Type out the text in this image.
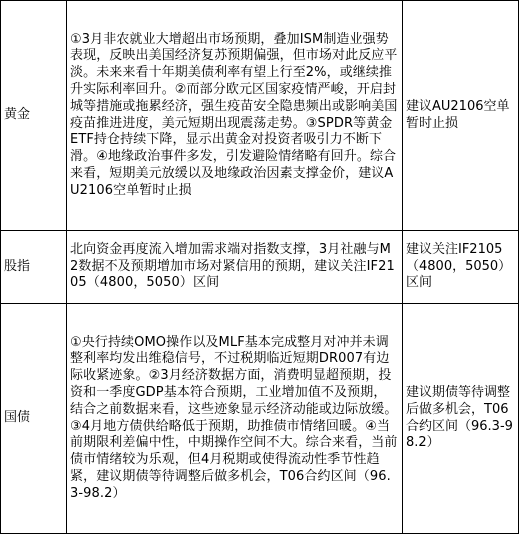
黄金	①3月非农就业大增超出市场预期，叠加ISM制造业强势表现，反映出美国经济复苏预期偏强，但市场对此反应平淡。未来来看十年期美债利率有望上行至2%，或继续推升实际利率回升。②而部分欧元区国家疫情严峻，开启封城等措施或拖累经济，强生疫苗安全隐患频出或影响美国疫苗推进进度，美元短期出现震荡走势。③SPDR等黄金ETF持仓持续下降，显示出黄金对投资者吸引力不断下滑。④地缘政治事件多发，引发避险情绪略有回升。综合来看，短期美元放缓以及地缘政治因素支撑金价，建议AU2106空单暂时止损	建议AU2106空单暂时止损
股指	北向资金再度流入增加需求端对指数支撑，3月社融与M2数据不及预期增加市场对紧信用的预期，建议关注IF2105（4800，5050）区间	建议关注IF2105　（4800，5050）区间
国债	①央行持续OMO操作以及MLF基本完成整月对冲并未调整利率均发出维稳信号，不过税期临近短期DR007有边际收紧迹象。②3月经济数据方面，消费明显超预期，投资和一季度GDP基本符合预期，工业增加值不及预期，结合之前数据来看，这些迹象显示经济动能或边际放缓。③4月地方债供给略低于预期，助推债市情绪回暖。④当前期限利差偏中性，中期操作空间不大。综合来看，当前债市情绪较为乐观，但4月税期或使得流动性季节性趋紧，建议期债等待调整后做多机会，T06合约区间（96.3-98.2）	建议期债等待调整后做多机会，T06合约区间（96.3-98.2）
